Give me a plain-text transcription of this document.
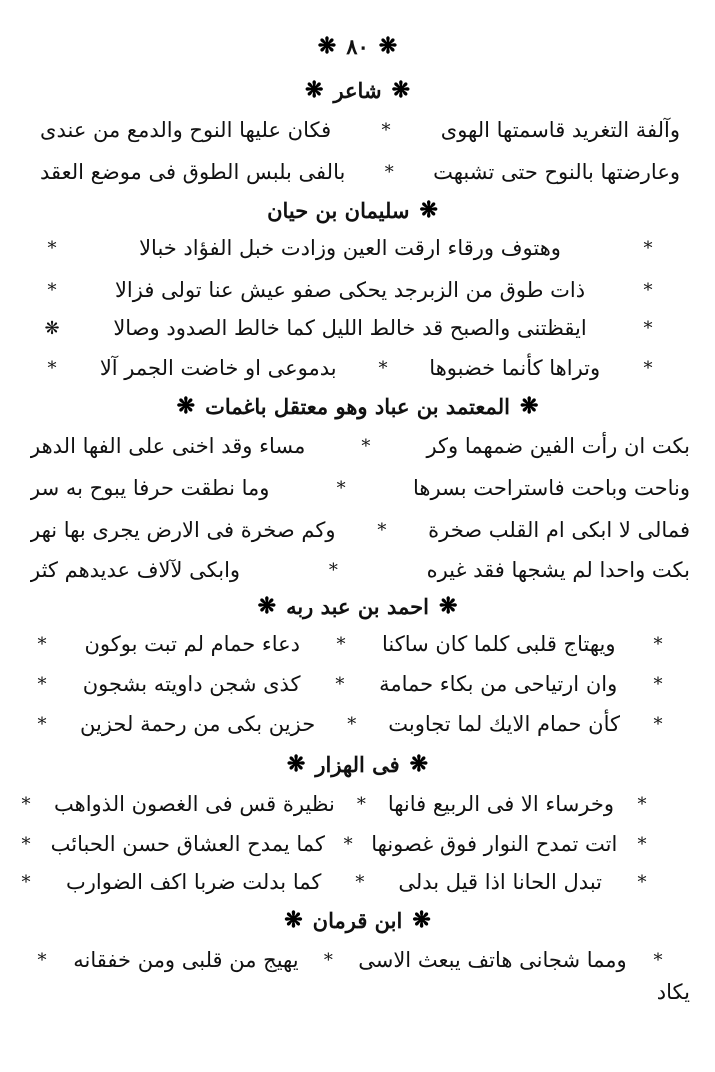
❋
٨٠
❋
❋
شاعر
❋
وآلفة التغريد قاسمتها الهوى
*
فكان عليها النوح والدمع من عندى
وعارضتها بالنوح حتى تشبهت
*
بالفى بلبس الطوق فى موضع العقد
❋
سليمان بن حيان
*
وهتوف ورقاء ارقت العين وزادت خبل الفؤاد خبالا
*
*
ذات طوق من الزبرجد يحكى صفو عيش عنا تولى فزالا
*
*
ايقظتنى والصبح قد خالط الليل كما خالط الصدود وصالا
❋
*
وتراها كأنما خضبوها
*
بدموعى او خاضت الجمر آلا
*
❋
المعتمد بن عباد وهو معتقل باغمات
❋
بكت ان رأت الفين ضمهما وكر
*
مساء وقد اخنى على الفها الدهر
وناحت وباحت فاستراحت بسرها
*
وما نطقت حرفا يبوح به سر
فمالى لا ابكى ام القلب صخرة
*
وكم صخرة فى الارض يجرى بها نهر
بكت واحدا لم يشجها فقد غيره
*
وابكى لآلاف عديدهم كثر
❋
احمد بن عبد ربه
❋
*
ويهتاج قلبى كلما كان ساكنا
*
دعاء حمام لم تبت بوكون
*
*
وان ارتياحى من بكاء حمامة
*
كذى شجن داويته بشجون
*
*
كأن حمام الايك لما تجاوبت
*
حزين بكى من رحمة لحزين
*
❋
فى الهزار
❋
*
وخرساء الا فى الربيع فانها
*
نظيرة قس فى الغصون الذواهب
*
*
اتت تمدح النوار فوق غصونها
*
كما يمدح العشاق حسن الحبائب
*
*
تبدل الحانا اذا قيل بدلى
*
كما بدلت ضربا اكف الضوارب
*
❋
ابن قرمان
❋
*
ومما شجانى هاتف يبعث الاسى
*
يهيج من قلبى ومن خفقانه
*
يكاد
